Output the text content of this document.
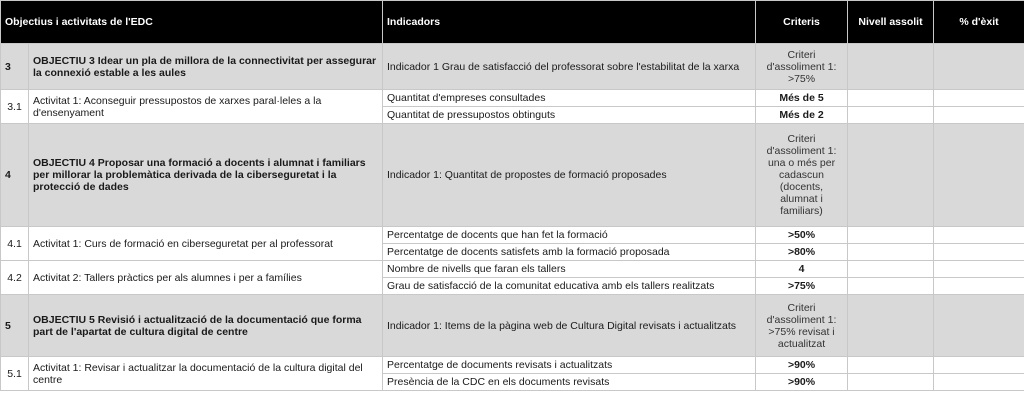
Objectius i activitats de l'EDC		Indicadors	Criteris	Nivell assolit	% d'èxit
3	OBJECTIU 3 Idear un pla de millora de la connectivitat per assegurar la connexió estable a les aules	Indicador 1 Grau de satisfacció del professorat sobre l'estabilitat de la xarxa	Criteri d'assoliment 1: >75%		
3.1	Activitat 1: Aconseguir pressupostos de xarxes paral·leles a la d'ensenyament	Quantitat d'empreses consultades	Més de 5		
		Quantitat de pressupostos obtinguts	Més de 2		
4	OBJECTIU 4 Proposar una formació a docents i alumnat i familiars per millorar la problemàtica derivada de la ciberseguretat i la protecció de dades	Indicador 1: Quantitat de propostes de formació proposades	Criteri d'assoliment 1: una o més per cadascun (docents, alumnat i familiars)		
4.1	Activitat 1: Curs de formació en ciberseguretat per al professorat	Percentatge de docents que han fet la formació	>50%		
		Percentatge de docents satisfets amb la formació proposada	>80%		
4.2	Activitat 2: Tallers pràctics per als alumnes i per a famílies	Nombre de nivells que faran els tallers	4		
		Grau de satisfacció de la comunitat educativa amb els tallers realitzats	>75%		
5	OBJECTIU 5 Revisió i actualització de la documentació que forma part de l'apartat de cultura digital de centre	Indicador 1: Items de la pàgina web de Cultura Digital revisats i actualitzats	Criteri d'assoliment 1: >75% revisat i actualitzat		
5.1	Activitat 1: Revisar i actualitzar la documentació de la cultura digital del centre	Percentatge de documents revisats i actualitzats	>90%		
		Presència de la CDC en els documents revisats	>90%		
